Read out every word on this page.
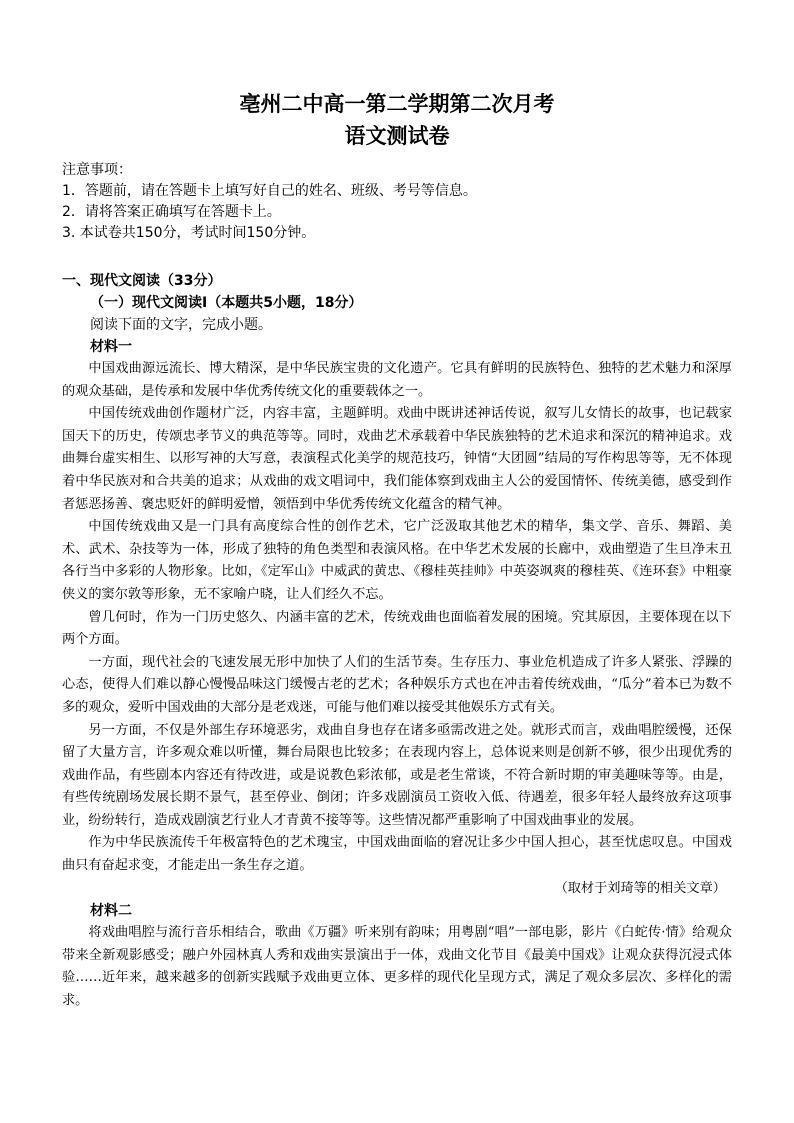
亳州二中高一第二学期第二次月考
语文测试卷
注意事项：
1．答题前，请在答题卡上填写好自己的姓名、班级、考号等信息。
2．请将答案正确填写在答题卡上。
3. 本试卷共150分，考试时间150分钟。
一、现代文阅读（33分）
（一）现代文阅读Ⅰ（本题共5小题，18分）
阅读下面的文字，完成小题。
材料一

中国戏曲源远流长、博大精深，是中华民族宝贵的文化遗产。它具有鲜明的民族特色、独特的艺术魅力和深厚的观众基础，是传承和发展中华优秀传统文化的重要载体之一。

中国传统戏曲创作题材广泛，内容丰富，主题鲜明。戏曲中既讲述神话传说，叙写儿女情长的故事，也记载家国天下的历史，传颂忠孝节义的典范等等。同时，戏曲艺术承载着中华民族独特的艺术追求和深沉的精神追求。戏曲舞台虚实相生、以形写神的大写意，表演程式化美学的规范技巧，钟情“大团圆”结局的写作构思等等，无不体现着中华民族对和合共美的追求；从戏曲的戏文唱词中，我们能体察到戏曲主人公的爱国情怀、传统美德，感受到作者惩恶扬善、褒忠贬奸的鲜明爱憎，领悟到中华优秀传统文化蕴含的精气神。

中国传统戏曲又是一门具有高度综合性的创作艺术，它广泛汲取其他艺术的精华，集文学、音乐、舞蹈、美术、武术、杂技等为一体，形成了独特的角色类型和表演风格。在中华艺术发展的长廊中，戏曲塑造了生旦净末丑各行当中多彩的人物形象。比如，《定军山》中威武的黄忠、《穆桂英挂帅》中英姿飒爽的穆桂英、《连环套》中粗豪侠义的窦尔敦等形象，无不家喻户晓，让人们经久不忘。

曾几何时，作为一门历史悠久、内涵丰富的艺术，传统戏曲也面临着发展的困境。究其原因，主要体现在以下两个方面。

一方面，现代社会的飞速发展无形中加快了人们的生活节奏。生存压力、事业危机造成了许多人紧张、浮躁的心态，使得人们难以静心慢慢品味这门缓慢古老的艺术；各种娱乐方式也在冲击着传统戏曲，“瓜分”着本已为数不多的观众，爱听中国戏曲的大部分是老戏迷，可能与他们难以接受其他娱乐方式有关。

另一方面，不仅是外部生存环境恶劣，戏曲自身也存在诸多亟需改进之处。就形式而言，戏曲唱腔缓慢，还保留了大量方言，许多观众难以听懂，舞台局限也比较多；在表现内容上，总体说来则是创新不够，很少出现优秀的戏曲作品，有些剧本内容还有待改进，或是说教色彩浓郁，或是老生常谈，不符合新时期的审美趣味等等。由是，有些传统剧场发展长期不景气，甚至停业、倒闭；许多戏剧演员工资收入低、待遇差，很多年轻人最终放弃这项事业，纷纷转行，造成戏剧演艺行业人才青黄不接等等。这些情况都严重影响了中国戏曲事业的发展。

作为中华民族流传千年极富特色的艺术瑰宝，中国戏曲面临的窘况让多少中国人担心，甚至忧虑叹息。中国戏曲只有奋起求变，才能走出一条生存之道。

（取材于刘琦等的相关文章）
材料二

将戏曲唱腔与流行音乐相结合，歌曲《万疆》听来别有韵味；用粤剧“唱”一部电影，影片《白蛇传·情》给观众带来全新观影感受；融户外园林真人秀和戏曲实景演出于一体，戏曲文化节目《最美中国戏》让观众获得沉浸式体验……近年来，越来越多的创新实践赋予戏曲更立体、更多样的现代化呈现方式，满足了观众多层次、多样化的需求。
